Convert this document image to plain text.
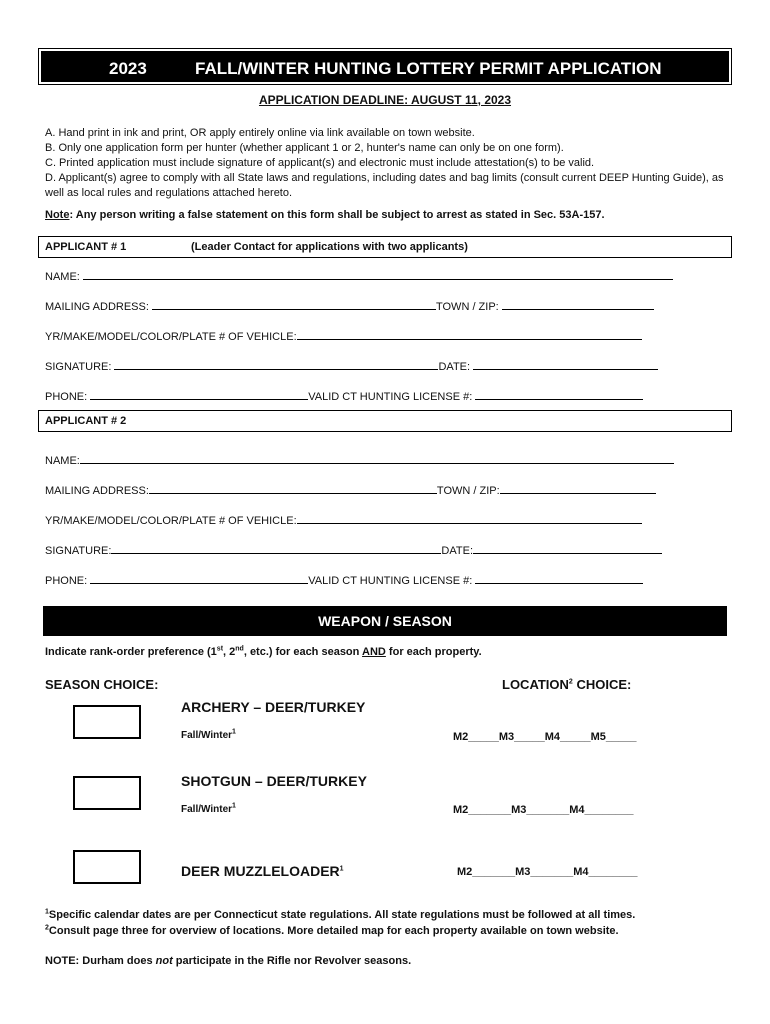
2023	FALL/WINTER HUNTING LOTTERY PERMIT APPLICATION
APPLICATION DEADLINE: AUGUST 11, 2023
A. Hand print in ink and print, OR apply entirely online via link available on town website.
B. Only one application form per hunter (whether applicant 1 or 2, hunter's name can only be on one form).
C. Printed application must include signature of applicant(s) and electronic must include attestation(s) to be valid.
D. Applicant(s) agree to comply with all State laws and regulations, including dates and bag limits (consult current DEEP Hunting Guide), as well as local rules and regulations attached hereto.
Note: Any person writing a false statement on this form shall be subject to arrest as stated in Sec. 53A-157.
APPLICANT # 1	(Leader Contact for applications with two applicants)
NAME:
MAILING ADDRESS:	TOWN / ZIP:
YR/MAKE/MODEL/COLOR/PLATE # OF VEHICLE:
SIGNATURE:	DATE:
PHONE:	VALID CT HUNTING LICENSE #:
APPLICANT # 2
NAME:
MAILING ADDRESS:	TOWN / ZIP:
YR/MAKE/MODEL/COLOR/PLATE # OF VEHICLE:
SIGNATURE:	DATE:
PHONE:	VALID CT HUNTING LICENSE #:
WEAPON / SEASON
Indicate rank-order preference (1st, 2nd, etc.) for each season AND for each property.
SEASON CHOICE:	LOCATION$^2$ CHOICE:
ARCHERY – DEER/TURKEY
Fall/Winter$^1$	M2_____M3_____M4_____M5_____
SHOTGUN – DEER/TURKEY
Fall/Winter$^1$	M2_______M3_______M4________
DEER MUZZLELOADER$^1$	M2_______M3_______M4________
$^1$Specific calendar dates are per Connecticut state regulations. All state regulations must be followed at all times.
$^2$Consult page three for overview of locations. More detailed map for each property available on town website.
NOTE: Durham does not participate in the Rifle nor Revolver seasons.
